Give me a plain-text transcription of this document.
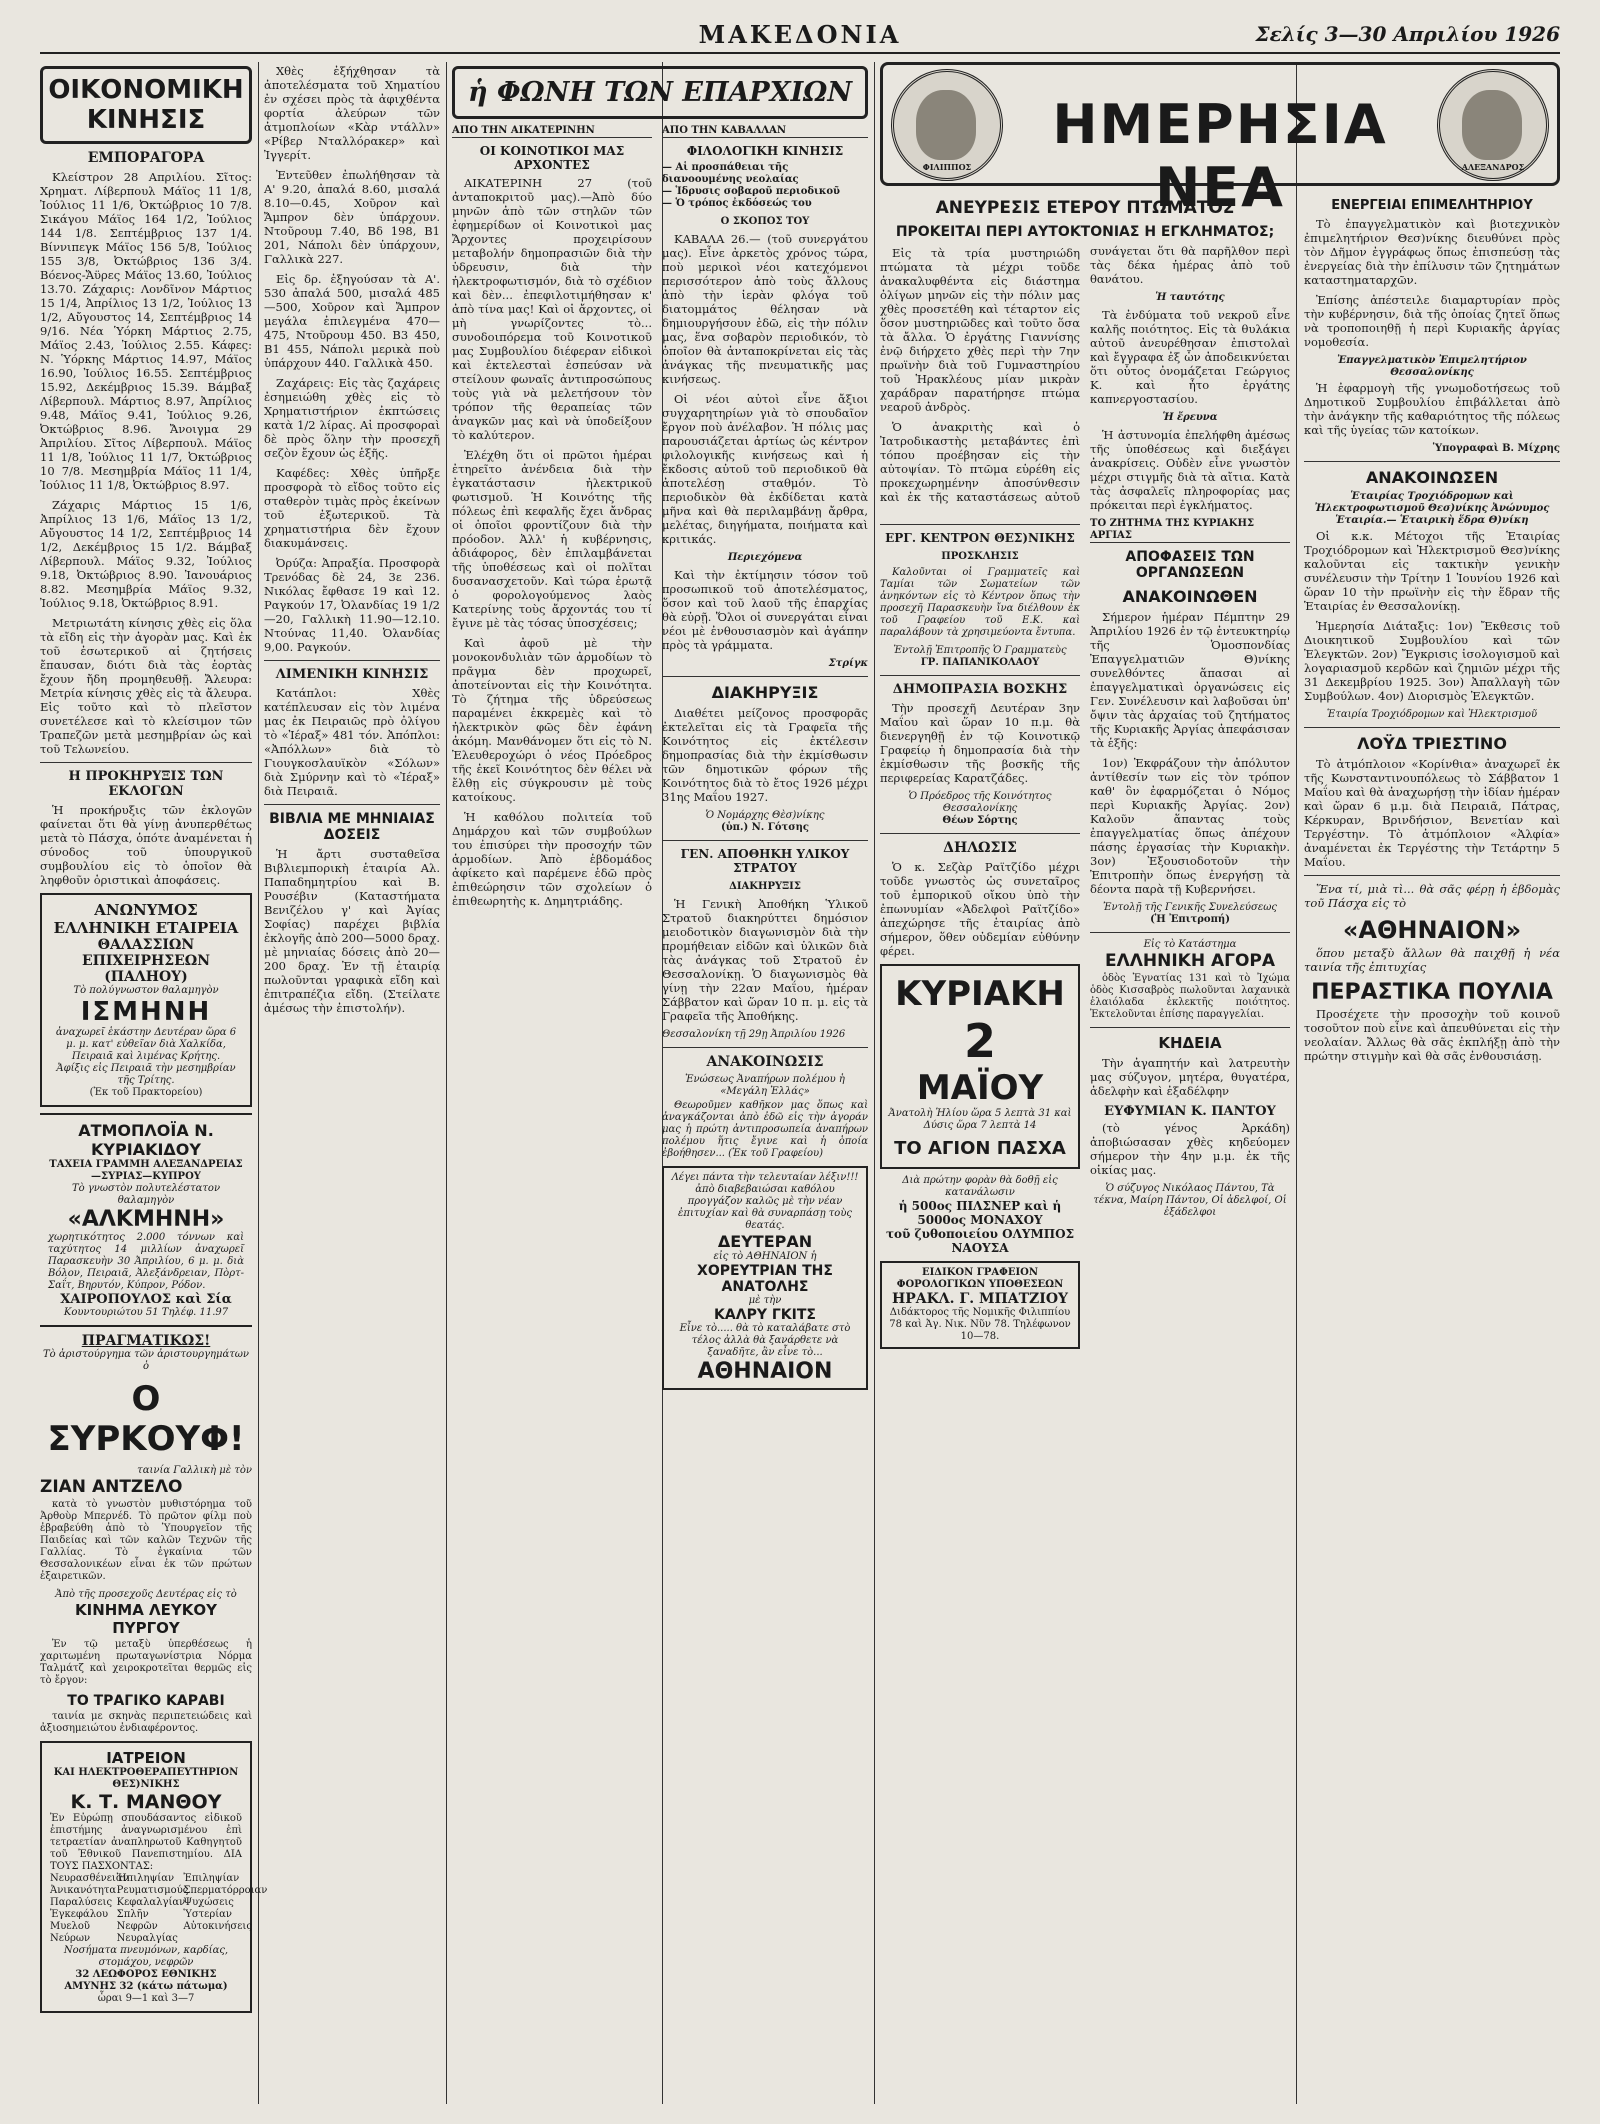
ΜΑΚΕΔΟΝΙΑ	Σελίς 3—30 Απριλίου 1926
ΟΙΚΟΝΟΜΙΚΗ ΚΙΝΗΣΙΣ
ΕΜΠΟΡΑΓΟΡΑ

Κλείστρον 28 Απριλίου. Σῖτος: Χρηματ. Λίβερπουλ Μάϊος 11 1/8, Ἰούλιος 11 1/6, Ὀκτώβριος 10 7/8. Σικάγου Μάϊος 164 1/2, Ἰούλιος 144 1/8. Σεπτέμβριος 137 1/4. Βίννιπεγκ Μάϊος 156 5/8, Ἰούλιος 155 3/8, Ὀκτώβριος 136 3/4. Βόενος-Ἄϋρες Μάϊος 13.60, Ἰούλιος 13.70. Ζάχαρις: Λονδῖνον Μάρτιος 15 1/4, Ἀπρίλιος 13 1/2, Ἰούλιος 13 1/2, Αὔγουστος 14, Σεπτέμβριος 14 9/16. Νέα Ὑόρκη Μάρτιος 2.75, Μάϊος 2.43, Ἰούλιος 2.55. Κάφες: Ν. Ὑόρκης Μάρτιος 14.97, Μάϊος 16.90, Ἰούλιος 16.55. Σεπτέμβριος 15.92, Δεκέμβριος 15.39. Βάμβαξ Λίβερπουλ. Μάρτιος 8.97, Ἀπρίλιος 9.48, Μάϊος 9.41, Ἰούλιος 9.26, Ὀκτώβριος 8.96. Ἄνοιγμα 29 Ἀπριλίου. Σῖτος Λίβερπουλ. Μάϊος 11 1/8, Ἰούλιος 11 1/7, Ὀκτώβριος 10 7/8. Μεσημβρία Μάϊος 11 1/4, Ἰούλιος 11 1/8, Ὀκτώβριος 8.97.

Ζάχαρις Μάρτιος 15 1/6, Ἀπρίλιος 13 1/6, Μάϊος 13 1/2, Αὔγουστος 14 1/2, Σεπτέμβριος 14 1/2, Δεκέμβριος 15 1/2. Βάμβαξ Λίβερπουλ. Μάϊος 9.32, Ἰούλιος 9.18, Ὀκτώβριος 8.90. Ἰανουάριος 8.82. Μεσημβρία Μάϊος 9.32, Ἰούλιος 9.18, Ὀκτώβριος 8.91.

Μετριωτάτη κίνησις χθὲς εἰς ὅλα τὰ εἴδη εἰς τὴν ἀγορὰν μας. Καὶ ἐκ τοῦ ἐσωτερικοῦ αἱ ζητήσεις ἔπαυσαν, διότι διὰ τὰς ἑορτὰς ἔχουν ἤδη προμηθευθῇ. Ἄλευρα: Μετρία κίνησις χθὲς εἰς τὰ ἄλευρα. Εἰς τοῦτο καὶ τὸ πλεῖστον συνετέλεσε καὶ τὸ κλείσιμον τῶν Τραπεζῶν μετὰ μεσημβρίαν ὡς καὶ τοῦ Τελωνείου.

Η ΠΡΟΚΗΡΥΞΙΣ ΤΩΝ ΕΚΛΟΓΩΝ

Ἡ προκήρυξις τῶν ἐκλογῶν φαίνεται ὅτι θὰ γίνῃ ἀνυπερθέτως μετὰ τὸ Πάσχα, ὁπότε ἀναμένεται ἡ σύνοδος τοῦ ὑπουργικοῦ συμβουλίου εἰς τὸ ὁποῖον θὰ ληφθοῦν ὁριστικαὶ ἀποφάσεις.

ΑΝΩΝΥΜΟΣ ΕΛΛΗΝΙΚΗ ΕΤΑΙΡΕΙΑ
ΘΑΛΑΣΣΙΩΝ ΕΠΙΧΕΙΡΗΣΕΩΝ (ΠΑΛΗΟΥ)
Τὸ πολύγνωστον θαλαμηγὸν
ΙΣΜΗΝΗ
ἀναχωρεῖ ἑκάστην Δευτέραν ὥρα 6 μ. μ. κατ' εὐθεῖαν διὰ Χαλκίδα, Πειραιᾶ καὶ λιμένας Κρήτης.
Ἀφίξις εἰς Πειραιᾶ τὴν μεσημβρίαν τῆς Τρίτης.
(Ἐκ τοῦ Πρακτορείου)
ΑΤΜΟΠΛΟΪΑ Ν. ΚΥΡΙΑΚΙΔΟΥ
ΤΑΧΕΙΑ ΓΡΑΜΜΗ ΑΛΕΞΑΝΔΡΕΙΑΣ—ΣΥΡΙΑΣ—ΚΥΠΡΟΥ
Τὸ γνωστὸν πολυτελέστατον θαλαμηγὸν
«ΑΛΚΜΗΝΗ»
χωρητικότητος 2.000 τόννων καὶ ταχύτητος 14 μιλλίων ἀναχωρεῖ Παρασκευὴν 30 Ἀπριλίου, 6 μ. μ. διὰ Βόλον, Πειραιᾶ, Ἀλεξάνδρειαν, Πὸρτ-Σαΐτ, Βηρυτόν, Κύπρον, Ρόδον.
ΧΑΙΡΟΠΟΥΛΟΣ καὶ Σία
Κουντουριώτου 51 Τηλέφ. 11.97
ΠΡΑΓΜΑΤΙΚΩΣ!
Τὸ ἀριστούργημα τῶν ἀριστουργημάτων ὁ
Ο ΣΥΡΚΟΥΦ!
ταινία Γαλλικὴ μὲ τὸν
ΖΙΑΝ ΑΝΤΖΕΛΟ

κατὰ τὸ γνωστὸν μυθιστόρημα τοῦ Ἀρθοὺρ Μπερνέδ. Τὸ πρῶτον φίλμ ποὺ ἐβραβεύθη ἀπὸ τὸ Ὑπουργεῖον τῆς Παιδείας καὶ τῶν καλῶν Τεχνῶν τῆς Γαλλίας. Τὸ ἐγκαίνια τῶν Θεσσαλονικέων εἶναι ἐκ τῶν πρώτων ἐξαιρετικῶν.

Ἀπὸ τῆς προσεχοῦς Δευτέρας εἰς τὸ
ΚΙΝΗΜΑ ΛΕΥΚΟΥ ΠΥΡΓΟΥ

Ἐν τῷ μεταξὺ ὑπερθέσεως ἡ χαριτωμένη πρωταγωνίστρια Νόρμα Ταλμάτζ καὶ χειροκροτεῖται θερμῶς εἰς τὸ ἔργον:

ΤΟ ΤΡΑΓΙΚΟ ΚΑΡΑΒΙ

ταινία με σκηνὰς περιπετειώδεις καὶ ἀξιοσημειώτου ἐνδιαφέροντος.

ΙΑΤΡΕΙΟΝ
ΚΑΙ ΗΛΕΚΤΡΟΘΕΡΑΠΕΥΤΗΡΙΟΝ ΘΕΣ)ΝΙΚΗΣ
Κ. Τ. ΜΑΝΘΟΥ
Ἐν Εὐρώπῃ σπουδάσαντος εἰδικοῦ ἐπιστήμης ἀναγνωρισμένου ἐπὶ τετραετίαν ἀναπληρωτοῦ Καθηγητοῦ τοῦ Ἐθνικοῦ Πανεπιστημίου. ΔΙΑ ΤΟΥΣ ΠΑΣΧΟΝΤΑΣ:
Νευρασθένειαν
Ἀνικανότητα
Παραλύσεις Ἐγκεφάλου
Μυελοῦ
Νεύρων
Ἠπιληψίαν
Ρευματισμούς
Κεφαλαλγίαν
Σπλῆν
Νεφρῶν
Νευραλγίας
Ἐπιληψίαν
Σπερματόρροιαν
Ψυχώσεις
Ὑστερίαν
Αὐτοκινήσεις
Νοσήματα πνευμόνων, καρδίας, στομάχου, νεφρῶν
32 ΛΕΩΦΟΡΟΣ ΕΘΝΙΚΗΣ ΑΜΥΝΗΣ 32 (κάτω πάτωμα)
ὧραι 9—1 καὶ 3—7

Χθὲς ἐξήχθησαν τὰ ἀποτελέσματα τοῦ Χηματίου ἐν σχέσει πρὸς τὰ ἀφιχθέντα φορτία ἀλεύρων τῶν ἀτμοπλοίων «Κὰρ ντάλλν» «Ρίβερ Νταλλόρακερ» καὶ Ἰγγερίτ.

Ἐντεῦθεν ἐπωλήθησαν τὰ Α' 9.20, ἀπαλά 8.60, μισαλά 8.10—0.45, Χοῦρον καὶ Ἄμπρον δὲν ὑπάρχουν. Ντοῦρουμ 7.40, Βδ 198, Β1 201, Νάπολι δὲν ὑπάρχουν, Γαλλικὰ 227.

Εἰς δρ. ἐξηγούσαν τὰ Α'. 530 ἀπαλά 500, μισαλά 485—500, Χοῦρον καὶ Ἄμπρον μεγάλα ἐπιλεγμένα 470—475, Ντοῦρουμ 450. Β3 450, Β1 455, Νάπολι μερικὰ ποὺ ὑπάρχουν 440. Γαλλικὰ 450.

Ζαχάρεις: Εἰς τὰς ζαχάρεις ἐσημειώθη χθὲς εἰς τὸ Χρηματιστήριον ἐκπτώσεις κατὰ 1/2 λίρας. Αἱ προσφοραὶ δὲ πρὸς ὅλην τὴν προσεχῆ σεζὸν ἔχουν ὡς ἑξῆς.

Καφέδες: Χθὲς ὑπῆρξε προσφορὰ τὸ εἴδος τοῦτο εἰς σταθερὸν τιμὰς πρὸς ἐκείνων τοῦ ἐξωτερικοῦ. Τὰ χρηματιστήρια δὲν ἔχουν διακυμάνσεις.

Ὀρύζα: Ἀπραξία. Προσφορὰ Τρενόδας δὲ 24, 3ε 236. Νικόλας ἔφθασε 19 καὶ 12. Ραγκούν 17, Ὀλανδίας 19 1/2—20, Γαλλικὴ 11.90—12.10. Ντούνας 11,40. Ὀλανδίας 9,00. Ραγκούν.

ΛΙΜΕΝΙΚΗ ΚΙΝΗΣΙΣ

Κατάπλοι: Χθὲς κατέπλευσαν εἰς τὸν λιμένα μας ἐκ Πειραιῶς πρὸ ὀλίγου τὸ «Ἰέραξ» 481 τόν. Ἀπόπλοι: «Ἀπόλλων» διὰ τὸ Γιουγκοσλαυϊκὸν «Σόλων» διὰ Σμύρνην καὶ τὸ «Ἰέραξ» διὰ Πειραιᾶ.

ΒΙΒΛΙΑ ΜΕ ΜΗΝΙΑΙΑΣ ΔΟΣΕΙΣ

Ἡ ἄρτι συσταθεῖσα Βιβλιεμπορικὴ ἑταιρία Αλ. Παπαδημητρίου καὶ Β. Ρουσέβιν (Καταστήματα Βενιζέλου γ' καὶ Ἀγίας Σοφίας) παρέχει βιβλία ἐκλογῆς ἀπὸ 200—5000 δραχ. μὲ μηνιαίας δόσεις ἀπὸ 20—200 δραχ. Ἐν τῇ ἑταιρίᾳ πωλοῦνται γραφικὰ εἴδη καὶ ἐπιτραπέζια εἴδη. (Στείλατε ἀμέσως τὴν ἐπιστολήν).

ἡ ΦΩΝΗ ΤΩΝ ΕΠΑΡΧΙΩΝ
ΑΠΟ ΤΗΝ ΑΙΚΑΤΕΡΙΝΗΝ
ΟΙ ΚΟΙΝΟΤΙΚΟΙ ΜΑΣ ΑΡΧΟΝΤΕΣ

ΑΙΚΑΤΕΡΙΝΗ 27 (τοῦ ἀνταποκριτοῦ μας).—Ἀπὸ δύο μηνῶν ἀπὸ τῶν στηλῶν τῶν ἐφημερίδων οἱ Κοινοτικοὶ μας Ἄρχοντες προχειρίσουν μεταβολήν δημοπρασιῶν διὰ τὴν ὑδρευσιν, διὰ τὴν ἠλεκτροφωτισμόν, διὰ τὸ σχέδιον καὶ δὲν... ἐπεφιλοτιμήθησαν κ' ἀπὸ τίνα μας! Καὶ οἱ ἄρχοντες, οἱ μὴ γνωρίζοντες τὸ... συνοδοιπόρεμα τοῦ Κοινοτικοῦ μας Συμβουλίου διέφεραν εἰδικοὶ καὶ ἐκτελεσταὶ ἐσπεύσαν νὰ στείλουν φωναῖς ἀντιπροσώπους τοὺς γιὰ νὰ μελετήσουν τὸν τρόπον τῆς θεραπείας τῶν ἀναγκῶν μας καὶ νὰ ὑποδείξουν τὸ καλύτερον.

Ἐλέχθη ὅτι οἱ πρῶτοι ἡμέραι ἐτηρεῖτο ἀνένδεια διὰ τὴν ἐγκατάστασιν ἠλεκτρικοῦ φωτισμοῦ. Ἡ Κοινότης τῆς πόλεως ἐπὶ κεφαλῆς ἔχει ἄνδρας οἱ ὁποῖοι φροντίζουν διὰ τὴν πρόοδον. Ἀλλ' ἡ κυβέρνησις, ἀδιάφορος, δὲν ἐπιλαμβάνεται τῆς ὑποθέσεως καὶ οἱ πολῖται δυσανασχετοῦν. Καὶ τώρα ἐρωτᾷ ὁ φορολογούμενος λαὸς Κατερίνης τοὺς ἄρχοντάς του τί ἔγινε μὲ τὰς τόσας ὑποσχέσεις;

Καὶ ἀφοῦ μὲ τὴν μονοκονδυλιὰν τῶν ἀρμοδίων τὸ πρᾶγμα δὲν προχωρεῖ, ἀποτείνονται εἰς τὴν Κοινότητα. Τὸ ζήτημα τῆς ὑδρεύσεως παραμένει ἐκκρεμὲς καὶ τὸ ἠλεκτρικὸν φῶς δὲν ἐφάνη ἀκόμη. Μανθάνομεν ὅτι εἰς τὸ Ν. Ἐλευθεροχώρι ὁ νέος Πρόεδρος τῆς ἐκεῖ Κοινότητος δὲν θέλει νὰ ἔλθῃ εἰς σύγκρουσιν μὲ τοὺς κατοίκους.

Ἡ καθόλου πολιτεία τοῦ Δημάρχου καὶ τῶν συμβούλων του ἐπισύρει τὴν προσοχήν τῶν ἁρμοδίων. Ἀπὸ ἑβδομάδος ἀφίκετο καὶ παρέμενε ἐδῶ πρὸς ἐπιθεώρησιν τῶν σχολείων ὁ ἐπιθεωρητὴς κ. Δημητριάδης.

ΑΠΟ ΤΗΝ ΚΑΒΑΛΛΑΝ
ΦΙΛΟΛΟΓΙΚΗ ΚΙΝΗΣΙΣ
— Αἱ προσπάθειαι τῆς διανοουμένης νεολαίας
— Ἱδρυσις σοβαροῦ περιοδικοῦ
— Ὁ τρόπος ἐκδόσεώς του
Ο ΣΚΟΠΟΣ ΤΟΥ

ΚΑΒΑΛΑ 26.— (τοῦ συνεργάτου μας). Εἶνε ἀρκετὸς χρόνος τώρα, ποὺ μερικοὶ νέοι κατεχόμενοι περισσότερον ἀπὸ τοὺς ἄλλους ἀπὸ τὴν ἱερὰν φλόγα τοῦ διατομμάτος θέλησαν νὰ δημιουργήσουν ἐδῶ, εἰς τὴν πόλιν μας, ἕνα σοβαρὸν περιοδικόν, τὸ ὁποῖον θὰ ἀνταποκρίνεται εἰς τὰς ἀνάγκας τῆς πνευματικῆς μας κινήσεως.

Οἱ νέοι αὐτοὶ εἶνε ἄξιοι συγχαρητηρίων γιὰ τὸ σπουδαῖον ἔργον ποὺ ἀνέλαβον. Ἡ πόλις μας παρουσιάζεται ἀρτίως ὡς κέντρον φιλολογικῆς κινήσεως καὶ ἡ ἔκδοσις αὐτοῦ τοῦ περιοδικοῦ θὰ ἀποτελέσῃ σταθμόν. Τὸ περιοδικὸν θὰ ἐκδίδεται κατὰ μῆνα καὶ θὰ περιλαμβάνῃ ἄρθρα, μελέτας, διηγήματα, ποιήματα καὶ κριτικάς.

Περιεχόμενα

Καὶ τὴν ἐκτίμησιν τόσον τοῦ προσωπικοῦ τοῦ ἀποτελέσματος, ὅσον καὶ τοῦ λαοῦ τῆς ἐπαρχίας θὰ εὐρῇ. Ὅλοι οἱ συνεργάται εἶναι νέοι μὲ ἐνθουσιασμὸν καὶ ἀγάπην πρὸς τὰ γράμματα.

Στρίγκ
ΔΙΑΚΗΡΥΞΙΣ

Διαθέτει μείζονος προσφορᾶς ἐκτελεῖται εἰς τὰ Γραφεῖα τῆς Κοινότητος εἰς ἐκτέλεσιν δημοπρασίας διὰ τὴν ἐκμίσθωσιν τῶν δημοτικῶν φόρων τῆς Κοινότητος διὰ τὸ ἔτος 1926 μέχρι 31ης Μαΐου 1927.

Ὁ Νομάρχης Θὲσ)νίκης
(ὑπ.) Ν. Γότσης
ΓΕΝ. ΑΠΟΘΗΚΗ ΥΛΙΚΟΥ ΣΤΡΑΤΟΥ
ΔΙΑΚΗΡΥΞΙΣ

Ἡ Γενικὴ Ἀποθήκη Ὑλικοῦ Στρατοῦ διακηρύττει δημόσιον μειοδοτικὸν διαγωνισμὸν διὰ τὴν προμήθειαν εἰδῶν καὶ ὑλικῶν διὰ τὰς ἀνάγκας τοῦ Στρατοῦ ἐν Θεσσαλονίκῃ. Ὁ διαγωνισμὸς θὰ γίνῃ τὴν 22αν Μαΐου, ἡμέραν Σάββατον καὶ ὥραν 10 π. μ. εἰς τὰ Γραφεῖα τῆς Ἀποθήκης.

Θεσσαλονίκη τῇ 29ῃ Ἀπριλίου 1926
ΑΝΑΚΟΙΝΩΣΙΣ
Ἑνώσεως Ἀναπήρων πολέμου ἡ «Μεγάλη Ἑλλάς»

Θεωροῦμεν καθῆκον μας ὅπως καὶ ἀναγκάζονται ἀπὸ ἐδῶ εἰς τὴν ἀγοράν μας ἡ πρώτη ἀντιπροσωπεία ἀναπήρων πολέμου ἥτις ἔγινε καὶ ἡ ὁποία ἐβοήθησεν... (Ἐκ τοῦ Γραφείου)

Λέγει πάντα τὴν τελευταίαν λέξιν!!! ἀπὸ διαβεβαιώσαι καθόλου προγγάζον καλῶς μὲ τὴν νέαν ἐπιτυχίαν καὶ θὰ συναρπάσῃ τοὺς θεατάς.
ΔΕΥΤΕΡΑΝ
εἰς τὸ ΑΘΗΝΑΙΟΝ ἡ
ΧΟΡΕΥΤΡΙΑΝ ΤΗΣ ΑΝΑΤΟΛΗΣ
μὲ τὴν
ΚΑΛΡΥ ΓΚΙΤΣ
Εἶνε τὸ..... θὰ τὸ καταλάβατε στὸ τέλος ἀλλὰ θὰ ξανάρθετε νὰ ξαναδῆτε, ἂν εἶνε τὸ...
ΑΘΗΝΑΙΟΝ
ΦΙΛΙΠΠΟΣ
ΗΜΕΡΗΣΙΑ ΝΕΑ	ΑΛΕΞΑΝΔΡΟΣ
ΑΝΕΥΡΕΣΙΣ ΕΤΕΡΟΥ ΠΤΩΜΑΤΟΣ
ΠΡΟΚΕΙΤΑΙ ΠΕΡΙ ΑΥΤΟΚΤΟΝΙΑΣ Η ΕΓΚΛΗΜΑΤΟΣ;

Εἰς τὰ τρία μυστηριώδη πτώματα τὰ μέχρι τοῦδε ἀνακαλυφθέντα εἰς διάστημα ὀλίγων μηνῶν εἰς τὴν πόλιν μας χθὲς προσετέθη καὶ τέταρτον εἰς ὅσον μυστηριῶδες καὶ τοῦτο ὅσα τὰ ἄλλα. Ὁ ἐργάτης Γιαννίσης ἐνῷ διήρχετο χθὲς περὶ τὴν 7ην πρωϊνὴν διὰ τοῦ Γυμναστηρίου τοῦ Ἡρακλέους μίαν μικρὰν χαράδραν παρατήρησε πτώμα νεαροῦ ἀνδρὸς.

Ὁ ἀνακριτὴς καὶ ὁ Ἰατροδικαστὴς μεταβάντες ἐπὶ τόπου προέβησαν εἰς τὴν αὐτοψίαν. Τὸ πτῶμα εὑρέθη εἰς προκεχωρημένην ἀποσύνθεσιν καὶ ἐκ τῆς καταστάσεως αὐτοῦ συνάγεται ὅτι θὰ παρῆλθον περὶ τὰς δέκα ἡμέρας ἀπὸ τοῦ θανάτου.

Ἡ ταυτότης

Τὰ ἐνδύματα τοῦ νεκροῦ εἶνε καλῆς ποιότητος. Εἰς τὰ θυλάκια αὐτοῦ ἀνευρέθησαν ἐπιστολαὶ καὶ ἔγγραφα ἐξ ὧν ἀποδεικνύεται ὅτι οὗτος ὀνομάζεται Γεώργιος Κ. καὶ ἦτο ἐργάτης καπνεργοστασίου.

Ἡ ἔρευνα

Ἡ ἀστυνομία ἐπελήφθη ἀμέσως τῆς ὑποθέσεως καὶ διεξάγει ἀνακρίσεις. Οὐδὲν εἶνε γνωστὸν μέχρι στιγμῆς διὰ τὰ αἴτια. Κατὰ τὰς ἀσφαλεῖς πληροφορίας μας πρόκειται περὶ ἐγκλήματος.

ΕΡΓ. ΚΕΝΤΡΟΝ ΘΕΣ)ΝΙΚΗΣ
ΠΡΟΣΚΛΗΣΙΣ

Καλοῦνται οἱ Γραμματεῖς καὶ Ταμίαι τῶν Σωματείων τῶν ἀνηκόντων εἰς τὸ Κέντρον ὅπως τὴν προσεχῆ Παρασκευὴν ἴνα διέλθουν ἐκ τοῦ Γραφείου τοῦ Ε.Κ. καὶ παραλάβουν τὰ χρησιμεύοντα ἔντυπα.

Ἐντολῇ Ἐπιτροπῆς Ὁ Γραμματεὺς
ΓΡ. ΠΑΠΑΝΙΚΟΛΑΟΥ
ΔΗΜΟΠΡΑΣΙΑ ΒΟΣΚΗΣ

Τὴν προσεχῆ Δευτέραν 3ην Μαΐου καὶ ὥραν 10 π.μ. θὰ διενεργηθῇ ἐν τῷ Κοινοτικῷ Γραφείῳ ἡ δημοπρασία διὰ τὴν ἐκμίσθωσιν τῆς βοσκῆς τῆς περιφερείας Καρατζάδες.

Ὁ Πρόεδρος τῆς Κοινότητος Θεσσαλονίκης
Θέων Σόρτης
ΔΗΛΩΣΙΣ

Ὁ κ. Σεζὰρ Ραϊτζίδο μέχρι τοῦδε γνωστὸς ὡς συνεταῖρος τοῦ ἐμπορικοῦ οἴκου ὑπὸ τὴν ἐπωνυμίαν «Ἀδελφοὶ Ραϊτζίδο» ἀπεχώρησε τῆς ἑταιρίας ἀπὸ σήμερον, ὅθεν οὐδεμίαν εὐθύνην φέρει.

ΚΥΡΙΑΚΗ
2
ΜΑΪΟΥ
Ἀνατολὴ Ἡλίου ὥρα 5 λεπτὰ 31 καὶ Δύσις ὥρα 7 λεπτὰ 14
ΤΟ ΑΓΙΟΝ ΠΑΣΧΑ
Διὰ πρώτην φορὰν θὰ δοθῇ εἰς κατανάλωσιν
ἡ 500ος ΠΙΛΣΝΕΡ καὶ ἡ 5000ος ΜΟΝΑΧΟΥ
τοῦ ζυθοποιείου ΟΛΥΜΠΟΣ ΝΑΟΥΣΑ
ΕΙΔΙΚΟΝ ΓΡΑΦΕΙΟΝ ΦΟΡΟΛΟΓΙΚΩΝ ΥΠΟΘΕΣΕΩΝ
ΗΡΑΚΛ. Γ. ΜΠΑΤΖΙΟΥ
Διδάκτορος τῆς Νομικῆς Φιλιππίου 78 καὶ Ἀγ. Νικ. Νῦν 78. Τηλέφωνον 10—78.
ΤΟ ΖΗΤΗΜΑ ΤΗΣ ΚΥΡΙΑΚΗΣ ΑΡΓΙΑΣ
ΑΠΟΦΑΣΕΙΣ ΤΩΝ ΟΡΓΑΝΩΣΕΩΝ
ΑΝΑΚΟΙΝΩΘΕΝ

Σήμερον ἡμέραν Πέμπτην 29 Ἀπριλίου 1926 ἐν τῷ ἐντευκτηρίῳ τῆς Ὁμοσπονδίας Ἐπαγγελματιῶν Θ)νίκης συνελθόντες ἅπασαι αἱ ἐπαγγελματικαὶ ὀργανώσεις εἰς Γεν. Συνέλευσιν καὶ λαβοῦσαι ὑπ' ὄψιν τὰς ἀρχαίας τοῦ ζητήματος τῆς Κυριακῆς Ἀργίας ἀπεφάσισαν τὰ ἑξῆς:

1ον) Ἐκφράζουν τὴν ἀπόλυτον ἀντίθεσίν των εἰς τὸν τρόπον καθ' ὃν ἐφαρμόζεται ὁ Νόμος περὶ Κυριακῆς Ἀργίας. 2ον) Καλοῦν ἅπαντας τοὺς ἐπαγγελματίας ὅπως ἀπέχουν πάσης ἐργασίας τὴν Κυριακὴν. 3ον) Ἐξουσιοδοτοῦν τὴν Ἐπιτροπὴν ὅπως ἐνεργήσῃ τὰ δέοντα παρὰ τῇ Κυβερνήσει.

Ἐντολῇ τῆς Γενικῆς Συνελεύσεως
(Ἡ Ἐπιτροπή)
Εἰς τὸ Κατάστημα
ΕΛΛΗΝΙΚΗ ΑΓΟΡΑ

ὁδὸς Ἐγνατίας 131 καὶ τὸ Ἰχώμα ὁδὸς Κισσαβρὸς πωλοῦνται λαχανικὰ ἐλαιόλαδα ἐκλεκτῆς ποιότητος. Ἐκτελοῦνται ἐπίσης παραγγελίαι.

ΚΗΔΕΙΑ

Τὴν ἀγαπητήν καὶ λατρευτὴν μας σύζυγον, μητέρα, θυγατέρα, ἀδελφὴν καὶ ἐξαδέλφην

ΕΥΦΥΜΙΑΝ Κ. ΠΑΝΤΟΥ

(τὸ γένος Ἀρκάδη) ἀποβιώσασαν χθὲς κηδεύομεν σήμερον τὴν 4ην μ.μ. ἐκ τῆς οἰκίας μας.

Ὁ σύζυγος Νικόλαος Πάντου, Τὰ τέκνα, Μαίρη Πάντου, Οἱ ἀδελφοί, Οἱ ἐξάδελφοι
ΕΝΕΡΓΕΙΑΙ ΕΠΙΜΕΛΗΤΗΡΙΟΥ

Τὸ ἐπαγγελματικὸν καὶ βιοτεχνικὸν ἐπιμελητήριον Θεσ)νίκης διευθύνει πρὸς τὸν Δῆμον ἐγγράφως ὅπως ἐπισπεύσῃ τὰς ἐνεργείας διὰ τὴν ἐπίλυσιν τῶν ζητημάτων καταστηματαρχῶν.

Ἐπίσης ἀπέστειλε διαμαρτυρίαν πρὸς τὴν κυβέρνησιν, διὰ τῆς ὁποίας ζητεῖ ὅπως νὰ τροποποιηθῇ ἡ περὶ Κυριακῆς ἀργίας νομοθεσία.

Ἐπαγγελματικὸν Ἐπιμελητήριον Θεσσαλονίκης

Ἡ ἐφαρμογὴ τῆς γνωμοδοτήσεως τοῦ Δημοτικοῦ Συμβουλίου ἐπιβάλλεται ἀπὸ τὴν ἀνάγκην τῆς καθαριότητος τῆς πόλεως καὶ τῆς ὑγείας τῶν κατοίκων.

Ὑπογραφαὶ Β. Μίχρης
ΑΝΑΚΟΙΝΩΣΕΝ
Ἑταιρίας Τροχιόδρομων καὶ Ἠλεκτροφωτισμοῦ Θεσ)νίκης Ἀνώνυμος Ἑταιρία.— Ἑταιρικὴ ἕδρα Θ)νίκη

Οἱ κ.κ. Μέτοχοι τῆς Ἑταιρίας Τροχιόδρομων καὶ Ἠλεκτρισμοῦ Θεσ)νίκης καλοῦνται εἰς τακτικὴν γενικὴν συνέλευσιν τὴν Τρίτην 1 Ἰουνίου 1926 καὶ ὥραν 10 τὴν πρωϊνὴν εἰς τὴν ἕδραν τῆς Ἑταιρίας ἐν Θεσσαλονίκῃ.

Ἡμερησία Διάταξις: 1ον) Ἔκθεσις τοῦ Διοικητικοῦ Συμβουλίου καὶ τῶν Ἐλεγκτῶν. 2ον) Ἔγκρισις ἰσολογισμοῦ καὶ λογαριασμοῦ κερδῶν καὶ ζημιῶν μέχρι τῆς 31 Δεκεμβρίου 1925. 3ον) Ἀπαλλαγὴ τῶν Συμβούλων. 4ον) Διορισμὸς Ἐλεγκτῶν.

Ἑταιρία Τροχιόδρομων καὶ Ἠλεκτρισμοῦ
ΛΟΫΔ ΤΡΙΕΣΤΙΝΟ

Τὸ ἀτμόπλοιον «Κορίνθια» ἀναχωρεῖ ἐκ τῆς Κωνσταντινουπόλεως τὸ Σάββατον 1 Μαΐου καὶ θὰ ἀναχωρήσῃ τὴν ἰδίαν ἡμέραν καὶ ὥραν 6 μ.μ. διὰ Πειραιᾶ, Πάτρας, Κέρκυραν, Βρινδήσιον, Βενετίαν καὶ Τεργέστην. Τὸ ἀτμόπλοιον «Ἀλφία» ἀναμένεται ἐκ Τεργέστης τὴν Τετάρτην 5 Μαΐου.

Ἕνα τί, μιὰ τὶ... θὰ σᾶς φέρῃ ἡ ἑβδομὰς τοῦ Πάσχα εἰς τὸ

«ΑΘΗΝΑΙΟΝ»

ὅπου μεταξὺ ἄλλων θὰ παιχθῇ ἡ νέα ταινία τῆς ἐπιτυχίας

ΠΕΡΑΣΤΙΚΑ ΠΟΥΛΙΑ

Προσέχετε τὴν προσοχὴν τοῦ κοινοῦ τοσοῦτον ποὺ εἶνε καὶ ἀπευθύνεται εἰς τὴν νεολαίαν. Ἄλλως θὰ σᾶς ἐκπλήξῃ ἀπὸ τὴν πρώτην στιγμὴν καὶ θὰ σᾶς ἐνθουσιάσῃ.
